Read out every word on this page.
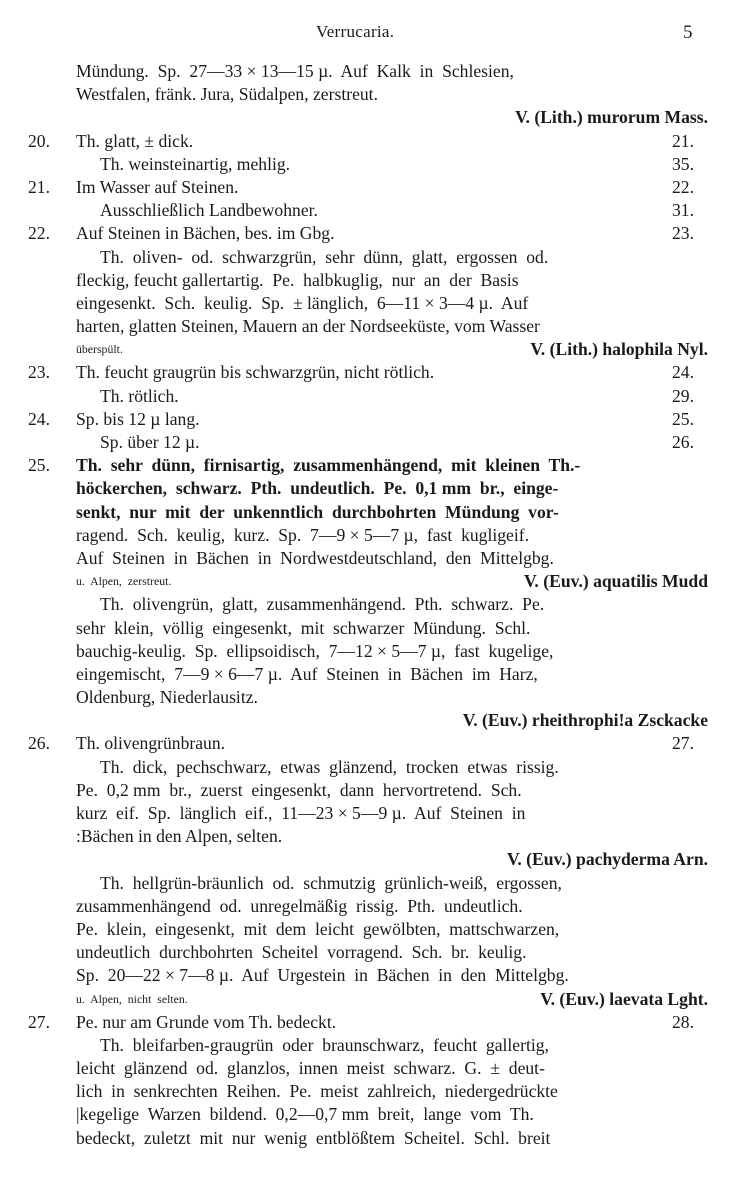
Verrucaria.	5
Mündung.  Sp.  27—33 × 13—15 µ.  Auf  Kalk  in  Schlesien,
Westfalen, fränk. Jura, Südalpen, zerstreut.
V. (Lith.) murorum Mass.
20.	Th. glatt, ± dick.	21.
Th. weinsteinartig, mehlig.	35.
21.	Im Wasser auf Steinen.	22.
Ausschließlich Landbewohner.	31.
22.	Auf Steinen in Bächen, bes. im Gbg.	23.
Th.  oliven-  od.  schwarzgrün,  sehr  dünn,  glatt,  ergossen  od.
fleckig, feucht gallertartig.  Pe.  halbkuglig,  nur  an  der  Basis
eingesenkt.  Sch.  keulig.  Sp.  ± länglich,  6—11 × 3—4 µ.  Auf
harten, glatten Steinen, Mauern an der Nordseeküste, vom Wasser
überspült.	V. (Lith.) halophila Nyl.
23.	Th. feucht graugrün bis schwarzgrün, nicht rötlich.	24.
Th. rötlich.	29.
24.	Sp. bis 12 µ lang.	25.
Sp. über 12 µ.	26.
25.	Th.  sehr  dünn,  firnisartig,  zusammenhängend,  mit  kleinen  Th.-
höckerchen,  schwarz.  Pth.  undeutlich.  Pe.  0,1 mm  br.,  einge-
senkt,  nur  mit  der  unkenntlich  durchbohrten  Mündung  vor-
ragend.  Sch.  keulig,  kurz.  Sp.  7—9 × 5—7 µ,  fast  kugligeif.
Auf  Steinen  in  Bächen  in  Nordwestdeutschland,  den  Mittelgbg.
u.  Alpen,  zerstreut.	V. (Euv.) aquatilis Mudd
Th.  olivengrün,  glatt,  zusammenhängend.  Pth.  schwarz.  Pe.
sehr  klein,  völlig  eingesenkt,  mit  schwarzer  Mündung.  Schl.
bauchig-keulig.  Sp.  ellipsoidisch,  7—12 × 5—7 µ,  fast  kugelige,
eingemischt,  7—9 × 6—7 µ.  Auf  Steinen  in  Bächen  im  Harz,
Oldenburg, Niederlausitz.
V. (Euv.) rheithrophi!a Zsckacke
26.	Th. olivengrünbraun.	27.
Th.  dick,  pechschwarz,  etwas  glänzend,  trocken  etwas  rissig.
Pe.  0,2 mm  br.,  zuerst  eingesenkt,  dann  hervortretend.  Sch.
kurz  eif.  Sp.  länglich  eif.,  11—23 × 5—9 µ.  Auf  Steinen  in
:Bächen in den Alpen, selten.
V. (Euv.) pachyderma Arn.
Th.  hellgrün-bräunlich  od.  schmutzig  grünlich-weiß,  ergossen,
zusammenhängend  od.  unregelmäßig  rissig.  Pth.  undeutlich.
Pe.  klein,  eingesenkt,  mit  dem  leicht  gewölbten,  mattschwarzen,
undeutlich  durchbohrten  Scheitel  vorragend.  Sch.  br.  keulig.
Sp.  20—22 × 7—8 µ.  Auf  Urgestein  in  Bächen  in  den  Mittelgbg.
u.  Alpen,  nicht  selten.	V. (Euv.) laevata Lght.
27.	Pe. nur am Grunde vom Th. bedeckt.	28.
Th.  bleifarben-graugrün  oder  braunschwarz,  feucht  gallertig,
leicht  glänzend  od.  glanzlos,  innen  meist  schwarz.  G.  ±  deut-
lich  in  senkrechten  Reihen.  Pe.  meist  zahlreich,  niedergedrückte
|kegelige  Warzen  bildend.  0,2—0,7 mm  breit,  lange  vom  Th.
bedeckt,  zuletzt  mit  nur  wenig  entblößtem  Scheitel.  Schl.  breit
